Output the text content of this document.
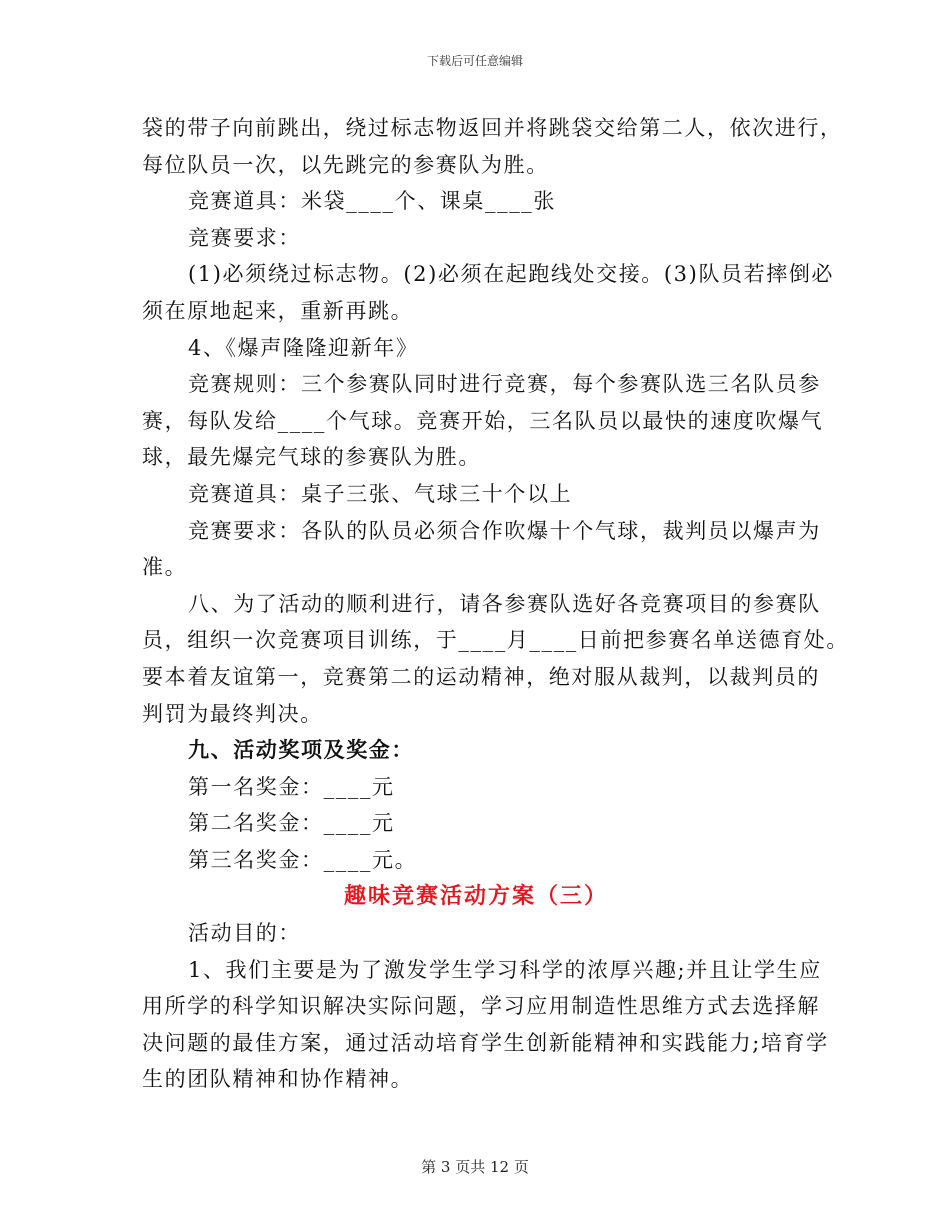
下载后可任意编辑
袋的带子向前跳出，绕过标志物返回并将跳袋交给第二人，依次进行，
每位队员一次，以先跳完的参赛队为胜。
竞赛道具：米袋____个、课桌____张
竞赛要求：
(1)必须绕过标志物。(2)必须在起跑线处交接。(3)队员若摔倒必
须在原地起来，重新再跳。
4、《爆声隆隆迎新年》
竞赛规则：三个参赛队同时进行竞赛，每个参赛队选三名队员参
赛，每队发给____个气球。竞赛开始，三名队员以最快的速度吹爆气
球，最先爆完气球的参赛队为胜。
竞赛道具：桌子三张、气球三十个以上
竞赛要求：各队的队员必须合作吹爆十个气球，裁判员以爆声为
准。
八、为了活动的顺利进行，请各参赛队选好各竞赛项目的参赛队
员，组织一次竞赛项目训练，于____月____日前把参赛名单送德育处。
要本着友谊第一，竞赛第二的运动精神，绝对服从裁判，以裁判员的
判罚为最终判决。
九、活动奖项及奖金：
第一名奖金：____元
第二名奖金：____元
第三名奖金：____元。
趣味竞赛活动方案（三）
活动目的：
1、我们主要是为了激发学生学习科学的浓厚兴趣;并且让学生应
用所学的科学知识解决实际问题，学习应用制造性思维方式去选择解
决问题的最佳方案，通过活动培育学生创新能精神和实践能力;培育学
生的团队精神和协作精神。
第 3 页共 12 页
